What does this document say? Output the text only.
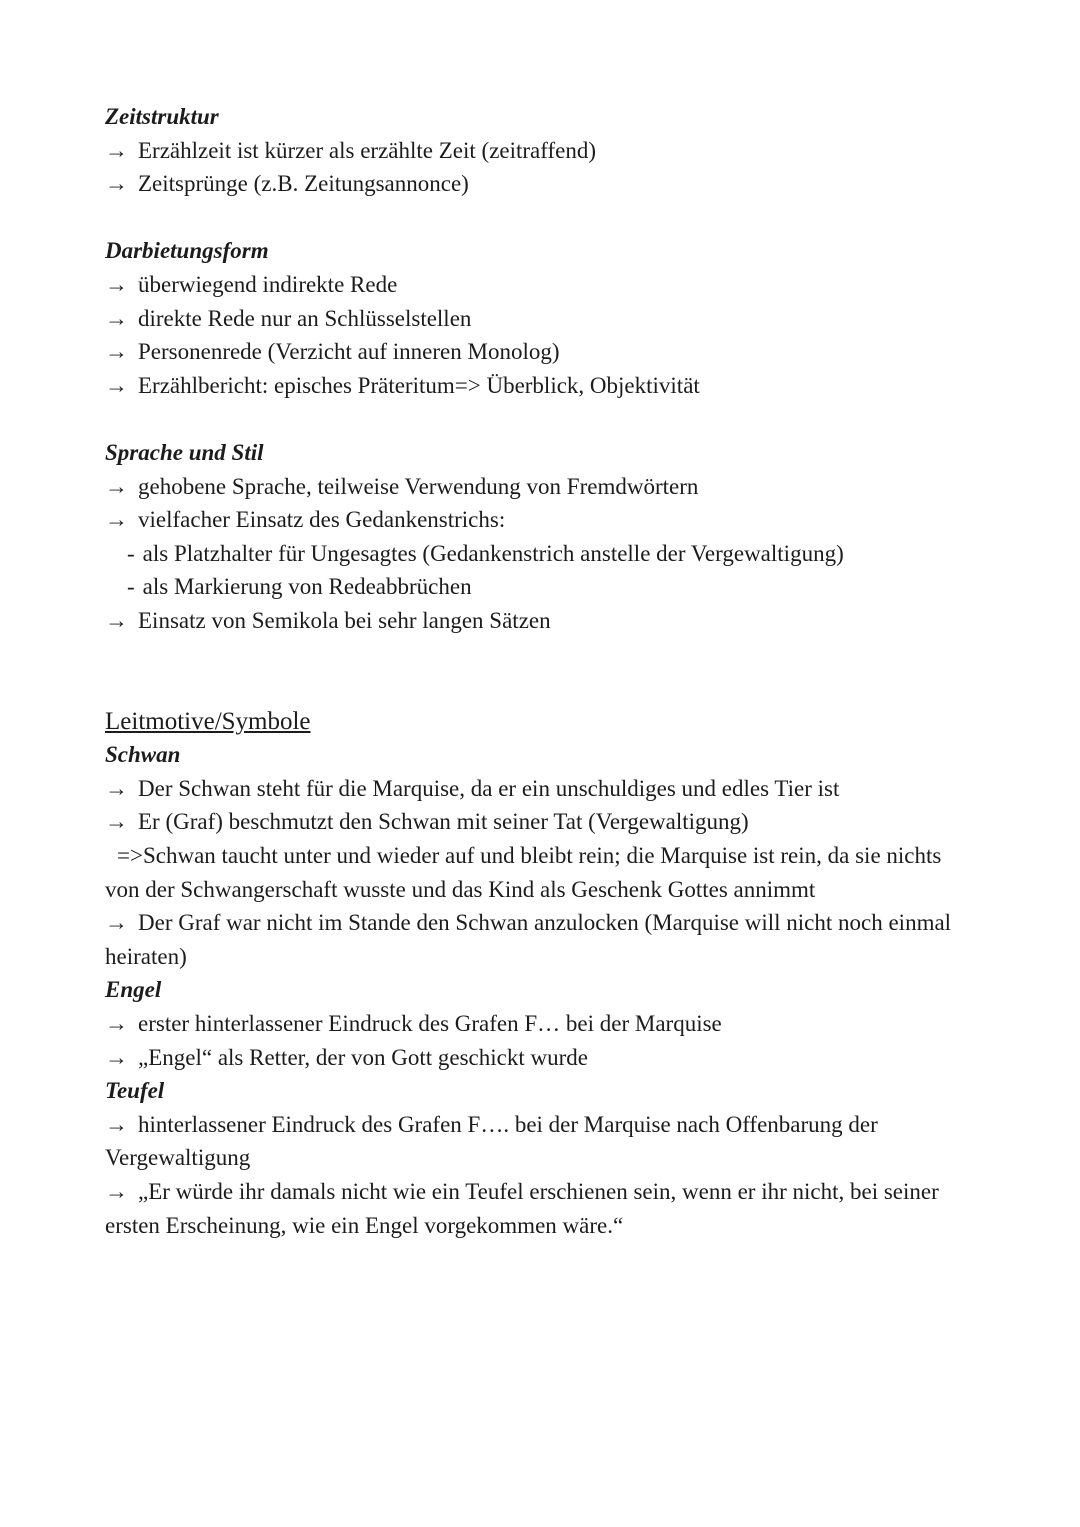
Zeitstruktur

→ Erzählzeit ist kürzer als erzählte Zeit (zeitraffend)

→ Zeitsprünge (z.B. Zeitungsannonce)

Darbietungsform

→ überwiegend indirekte Rede

→ direkte Rede nur an Schlüsselstellen

→ Personenrede (Verzicht auf inneren Monolog)

→ Erzählbericht: episches Präteritum=> Überblick, Objektivität

Sprache und Stil

→ gehobene Sprache, teilweise Verwendung von Fremdwörtern

→ vielfacher Einsatz des Gedankenstrichs:

- als Platzhalter für Ungesagtes (Gedankenstrich anstelle der Vergewaltigung)

- als Markierung von Redeabbrüchen

→ Einsatz von Semikola bei sehr langen Sätzen

Leitmotive/Symbole
Schwan

→ Der Schwan steht für die Marquise, da er ein unschuldiges und edles Tier ist

→ Er (Graf) beschmutzt den Schwan mit seiner Tat (Vergewaltigung)

=>Schwan taucht unter und wieder auf und bleibt rein; die Marquise ist rein, da sie nichts von der Schwangerschaft wusste und das Kind als Geschenk Gottes annimmt

→ Der Graf war nicht im Stande den Schwan anzulocken (Marquise will nicht noch einmal heiraten)

Engel

→ erster hinterlassener Eindruck des Grafen F… bei der Marquise

→ „Engel“ als Retter, der von Gott geschickt wurde

Teufel

→ hinterlassener Eindruck des Grafen F…. bei der Marquise nach Offenbarung der Vergewaltigung

→ „Er würde ihr damals nicht wie ein Teufel erschienen sein, wenn er ihr nicht, bei seiner ersten Erscheinung, wie ein Engel vorgekommen wäre.“
